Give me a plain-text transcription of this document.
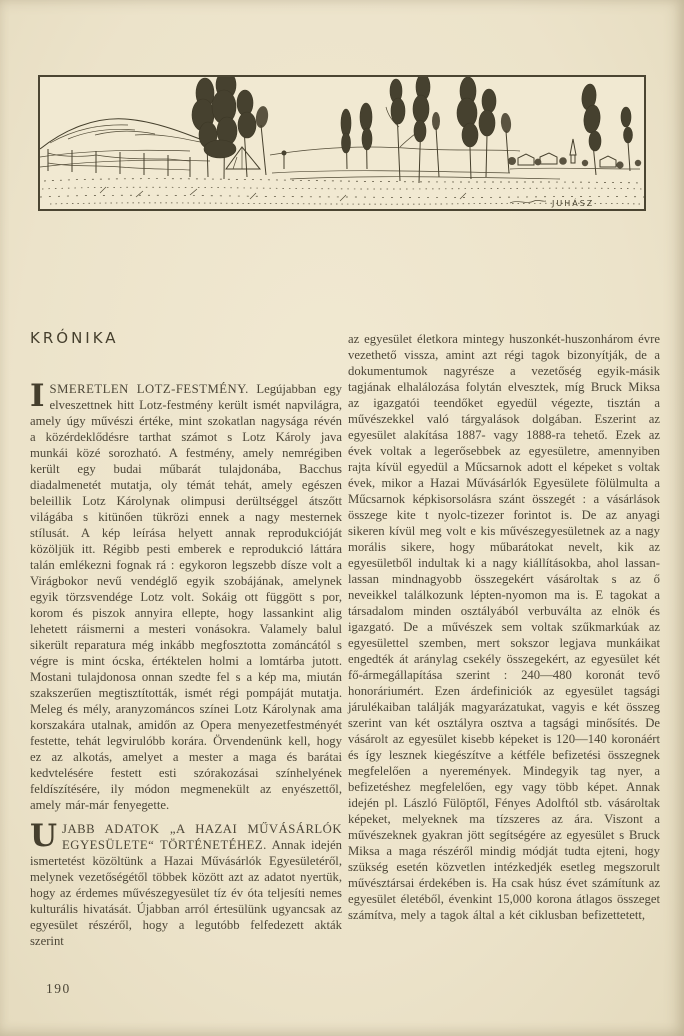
JUHÁSZ
KRÓNIKA

ISMERETLEN LOTZ-FESTMÉNY. Legújabban egy elveszettnek hitt Lotz-festmény került ismét napvilágra, amely úgy művészi értéke, mint szokatlan nagysága révén a közérdeklődésre tarthat számot s Lotz Károly java munkái közé sorozható. A festmény, amely nemrégiben került egy budai műbarát tulajdonába, Bacchus diadalmenetét mutatja, oly témát tehát, amely egészen beleillik Lotz Károlynak olimpusi derültséggel átszőtt világába s kitünően tükrözi ennek a nagy mesternek stílusát. A kép leírása helyett annak reprodukcióját közöljük itt. Régibb pesti emberek e reprodukció láttára talán emlékezni fognak rá : egykoron legszebb dísze volt a Virágbokor nevű vendéglő egyik szobájának, amelynek egyik törzsvendége Lotz volt. Sokáig ott függött s por, korom és piszok annyira ellepte, hogy lassankint alig lehetett ráismerni a mesteri vonásokra. Valamely balul sikerült reparatura még inkább megfosztotta zománcától s végre is mint ócska, értéktelen holmi a lomtárba jutott. Mostani tulajdonosa onnan szedte fel s a kép ma, miután szakszerűen megtisztították, ismét régi pompáját mutatja. Meleg és mély, aranyzománcos színei Lotz Károlynak ama korszakára utalnak, amidőn az Opera menyezetfestményét festette, tehát legvirulóbb korára. Örvendenünk kell, hogy ez az alkotás, amelyet a mester a maga és barátai kedvtelésére festett esti szórakozásai színhelyének feldíszítésére, ily módon megmenekült az enyészettől, amely már-már fenyegette.

UJABB ADATOK „A HAZAI MŰVÁSÁRLÓK EGYESÜLETE“ TÖRTÉNETÉHEZ. Annak idején ismertetést közöltünk a Hazai Művásárlók Egyesületéről, melynek vezetőségétől többek között azt az adatot nyertük, hogy az érdemes művészegyesület tíz év óta teljesíti nemes kulturális hivatását. Újabban arról értesülünk ugyancsak az egyesület részéről, hogy a legutóbb felfedezett akták szerint

az egyesület életkora mintegy huszonkét-huszonhárom évre vezethető vissza, amint azt régi tagok bizonyítják, de a dokumentumok nagyrésze a vezetőség egyik-másik tagjának elhalálozása folytán elvesztek, míg Bruck Miksa az igazgatói teendőket egyedül végezte, tisztán a művészekkel való tárgyalások dolgában. Eszerint az egyesület alakítása 1887- vagy 1888-ra tehető. Ezek az évek voltak a legerősebbek az egyesületre, amennyiben rajta kívül egyedül a Műcsarnok adott el képeket s voltak évek, mikor a Hazai Művásárlók Egyesülete fölülmulta a Műcsarnok képkisorsolásra szánt összegét : a vásárlások összege kite t nyolc-tizezer forintot is. De az anyagi sikeren kívül meg volt e kis művészegyesületnek az a nagy morális sikere, hogy műbarátokat nevelt, kik az egyesületből indultak ki a nagy kiállításokba, ahol lassan-lassan mindnagyobb összegekért vásároltak s az ő neveikkel találkozunk lépten-nyomon ma is. E tagokat a társadalom minden osztályából verbuválta az elnök és igazgató. De a művészek sem voltak szűkmarkúak az egyesülettel szemben, mert sokszor legjava munkáikat engedték át aránylag csekély összegekért, az egyesület két fő-ármegállapítása szerint : 240—480 koronát tevő honoráriumért. Ezen árdefiniciók az egyesület tagsági járulékaiban találják magyarázatukat, vagyis e két összeg szerint van két osztályra osztva a tagsági minősítés. De vásárolt az egyesület kisebb képeket is 120—140 koronáért és így lesznek kiegészítve a kétféle befizetési összegnek megfelelően a nyeremények. Mindegyik tag nyer, a befizetéshez megfelelően, egy vagy több képet. Annak idején pl. László Fülöptől, Fényes Adolftól stb. vásároltak képeket, melyeknek ma tízszeres az ára. Viszont a művészeknek gyakran jött segítségére az egyesület s Bruck Miksa a maga részéről mindig módját tudta ejteni, hogy szükség esetén közvetlen intézkedjék esetleg megszorult művésztársai érdekében is. Ha csak húsz évet számítunk az egyesület életéből, évenkint 15,000 korona átlagos összeget számítva, mely a tagok által a két ciklusban befizettetett,

190
